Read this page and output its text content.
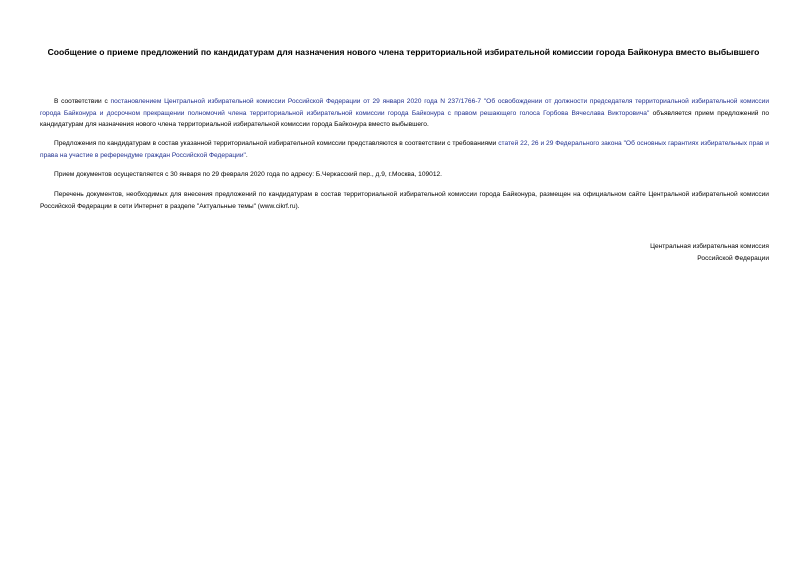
Сообщение о приеме предложений по кандидатурам для назначения нового члена территориальной избирательной комиссии города Байконура вместо выбывшего

В соответствии с постановлением Центральной избирательной комиссии Российской Федерации от 29 января 2020 года N 237/1766-7 "Об освобождении от должности председателя территориальной избирательной комиссии города Байконура и досрочном прекращении полномочий члена территориальной избирательной комиссии города Байконура с правом решающего голоса Горбова Вячеслава Викторовича" объявляется прием предложений по кандидатурам для назначения нового члена территориальной избирательной комиссии города Байконура вместо выбывшего.

Предложения по кандидатурам в состав указанной территориальной избирательной комиссии представляются в соответствии с требованиями статей 22, 26 и 29 Федерального закона "Об основных гарантиях избирательных прав и права на участие в референдуме граждан Российской Федерации".

Прием документов осуществляется с 30 января по 29 февраля 2020 года по адресу: Б.Черкасский пер., д.9, г.Москва, 109012.

Перечень документов, необходимых для внесения предложений по кандидатурам в состав территориальной избирательной комиссии города Байконура, размещен на официальном сайте Центральной избирательной комиссии Российской Федерации в сети Интернет в разделе "Актуальные темы" (www.cikrf.ru).

Центральная избирательная комиссия
Российской Федерации
